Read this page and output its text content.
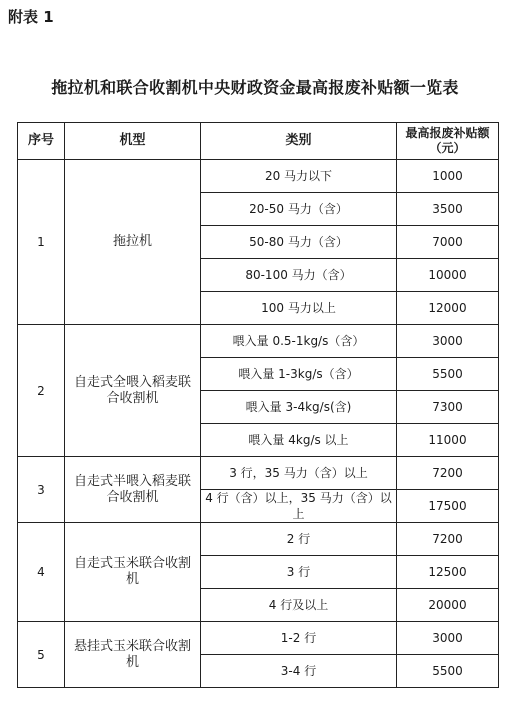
附表 1
拖拉机和联合收割机中央财政资金最高报废补贴额一览表
序号	机型	类别	最高报废补贴额（元）
1	拖拉机	20 马力以下	1000
		20-50 马力（含）	3500
		50-80 马力（含）	7000
		80-100 马力（含）	10000
		100 马力以上	12000
2	自走式全喂入稻麦联合收割机	喂入量 0.5-1kg/s（含）	3000
		喂入量 1-3kg/s（含）	5500
		喂入量 3-4kg/s(含)	7300
		喂入量 4kg/s 以上	11000
3	自走式半喂入稻麦联合收割机	3 行，35 马力（含）以上	7200
		4 行（含）以上，35 马力（含）以上	17500
4	自走式玉米联合收割机	2 行	7200
		3 行	12500
		4 行及以上	20000
5	悬挂式玉米联合收割机	1-2 行	3000
		3-4 行	5500
